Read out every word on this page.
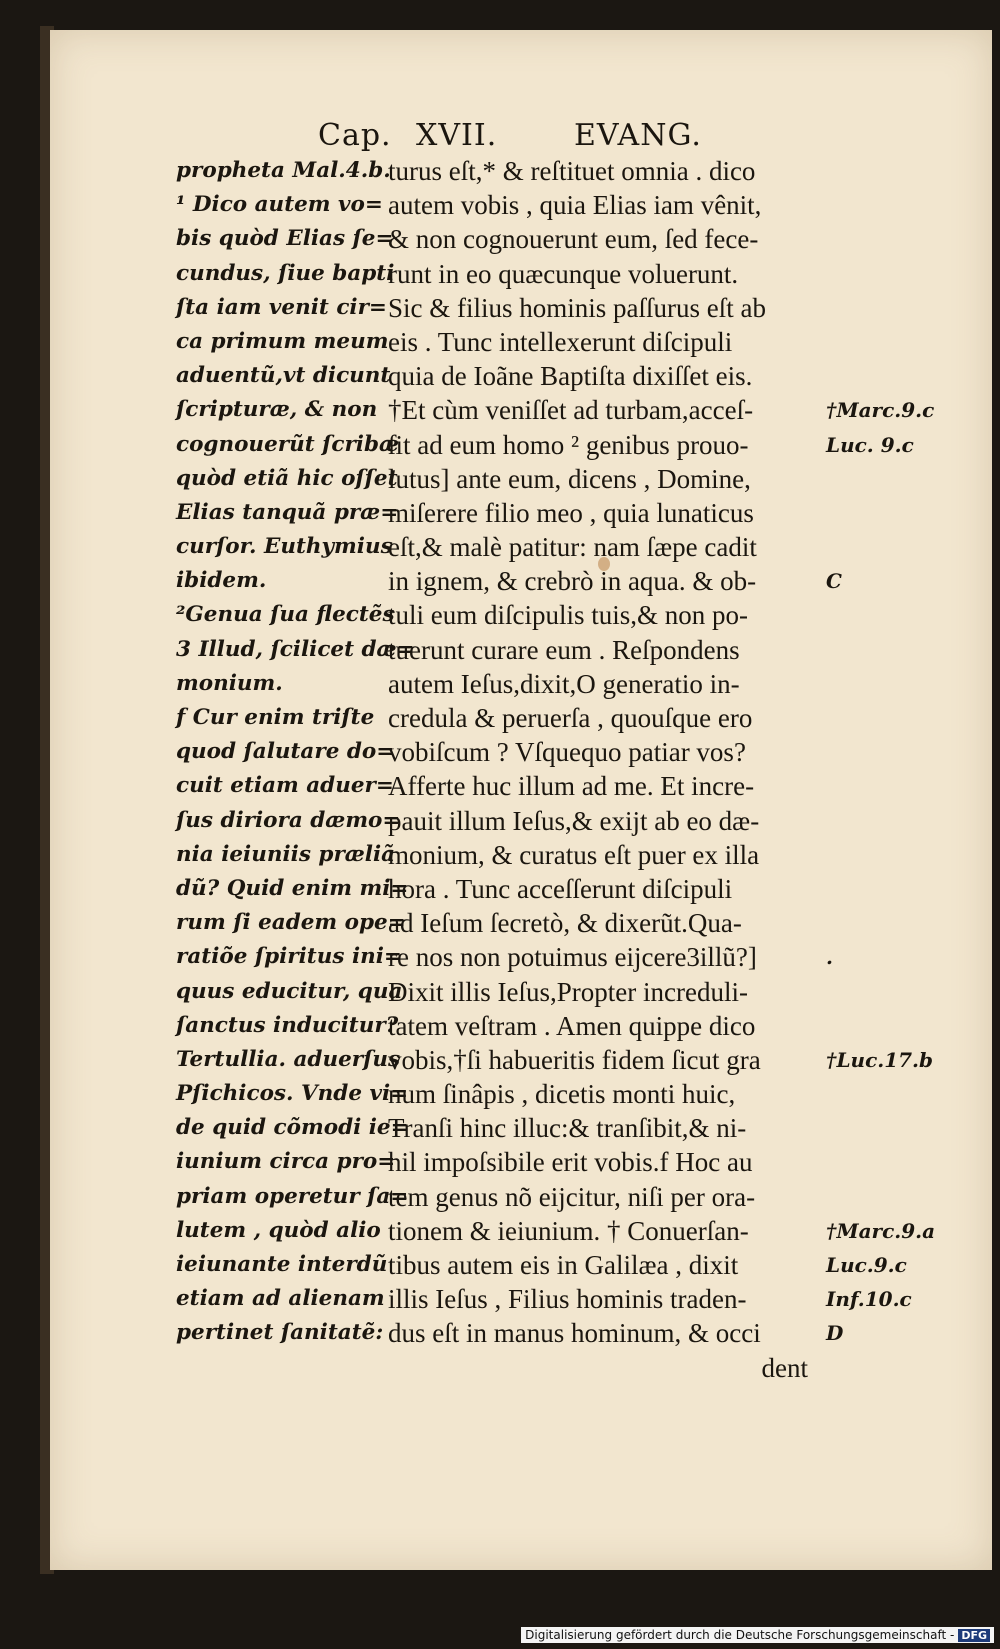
Cap. XVII.	EVANG.
propheta Mal.4.b.
¹ Dico autem vo=
bis quòd Elias ſe=
cundus, ſiue bapti
ſta iam venit cir=
ca primum meum
aduentũ,vt dicunt
ſcripturæ, & non
cognouerũt ſcribæ
quòd etiã hic oſſet
Elias tanquã præ=
curſor. Euthymius
ibidem.
²Genua ſua flectẽs
3 Illud, ſcilicet dæ=
monium.
f Cur enim triſte
quod ſalutare do=
cuit etiam aduer=
ſus diriora dæmo=
nia ieiuniis præliã
dũ? Quid enim mi=
rum ſi eadem ope=
ratiõe ſpiritus ini=
quus educitur, qua
ſanctus inducitur?
Tertullia. aduerſus
Pſichicos. Vnde vi=
de quid cõmodi ie=
iunium circa pro=
priam operetur ſa=
lutem , quòd alio
ieiunante interdũ
etiam ad alienam
pertinet ſanitatẽ:
turus eſt,* & reſtituet omnia . dico
autem vobis , quia Elias iam vênit,
& non cognouerunt eum, ſed fece-
runt in eo quæcunque voluerunt.
Sic & filius hominis paſſurus eſt ab
eis . Tunc intellexerunt diſcipuli
quia de Ioãne Baptiſta dixiſſet eis.
†Et cùm veniſſet ad turbam,acceſ-
ſit ad eum homo ² genibus prouo-
lutus] ante eum, dicens , Domine,
miſerere filio meo , quia lunaticus
eſt,& malè patitur: nam ſæpe cadit
in ignem, & crebrò in aqua. & ob-
tuli eum diſcipulis tuis,& non po-
tuerunt curare eum . Reſpondens
autem Ieſus,dixit,O generatio in-
credula & peruerſa , quouſque ero
vobiſcum ? Vſquequo patiar vos?
Afferte huc illum ad me. Et incre-
pauit illum Ieſus,& exijt ab eo dæ-
monium, & curatus eſt puer ex illa
hora . Tunc acceſſerunt diſcipuli
ad Ieſum ſecretò, & dixerũt.Qua-
re nos non potuimus eijcere3illũ?]
Dixit illis Ieſus,Propter increduli-
tatem veſtram . Amen quippe dico
vobis,†ſi habueritis fidem ſicut gra
num ſinâpis , dicetis monti huic,
Tranſi hinc illuc:& tranſibit,& ni-
hil impoſsibile erit vobis.f Hoc au
tem genus nõ eijcitur, niſi per ora-
tionem & ieiunium. † Conuerſan-
tibus autem eis in Galilæa , dixit
illis Ieſus , Filius hominis traden-
dus eſt in manus hominum, & occi
dent
†Marc.9.c
Luc. 9.c
C
.
†Luc.17.b
†Marc.9.a
Luc.9.c
Inf.10.c
D
Digitalisierung gefördert durch die Deutsche Forschungsgemeinschaft - DFG
